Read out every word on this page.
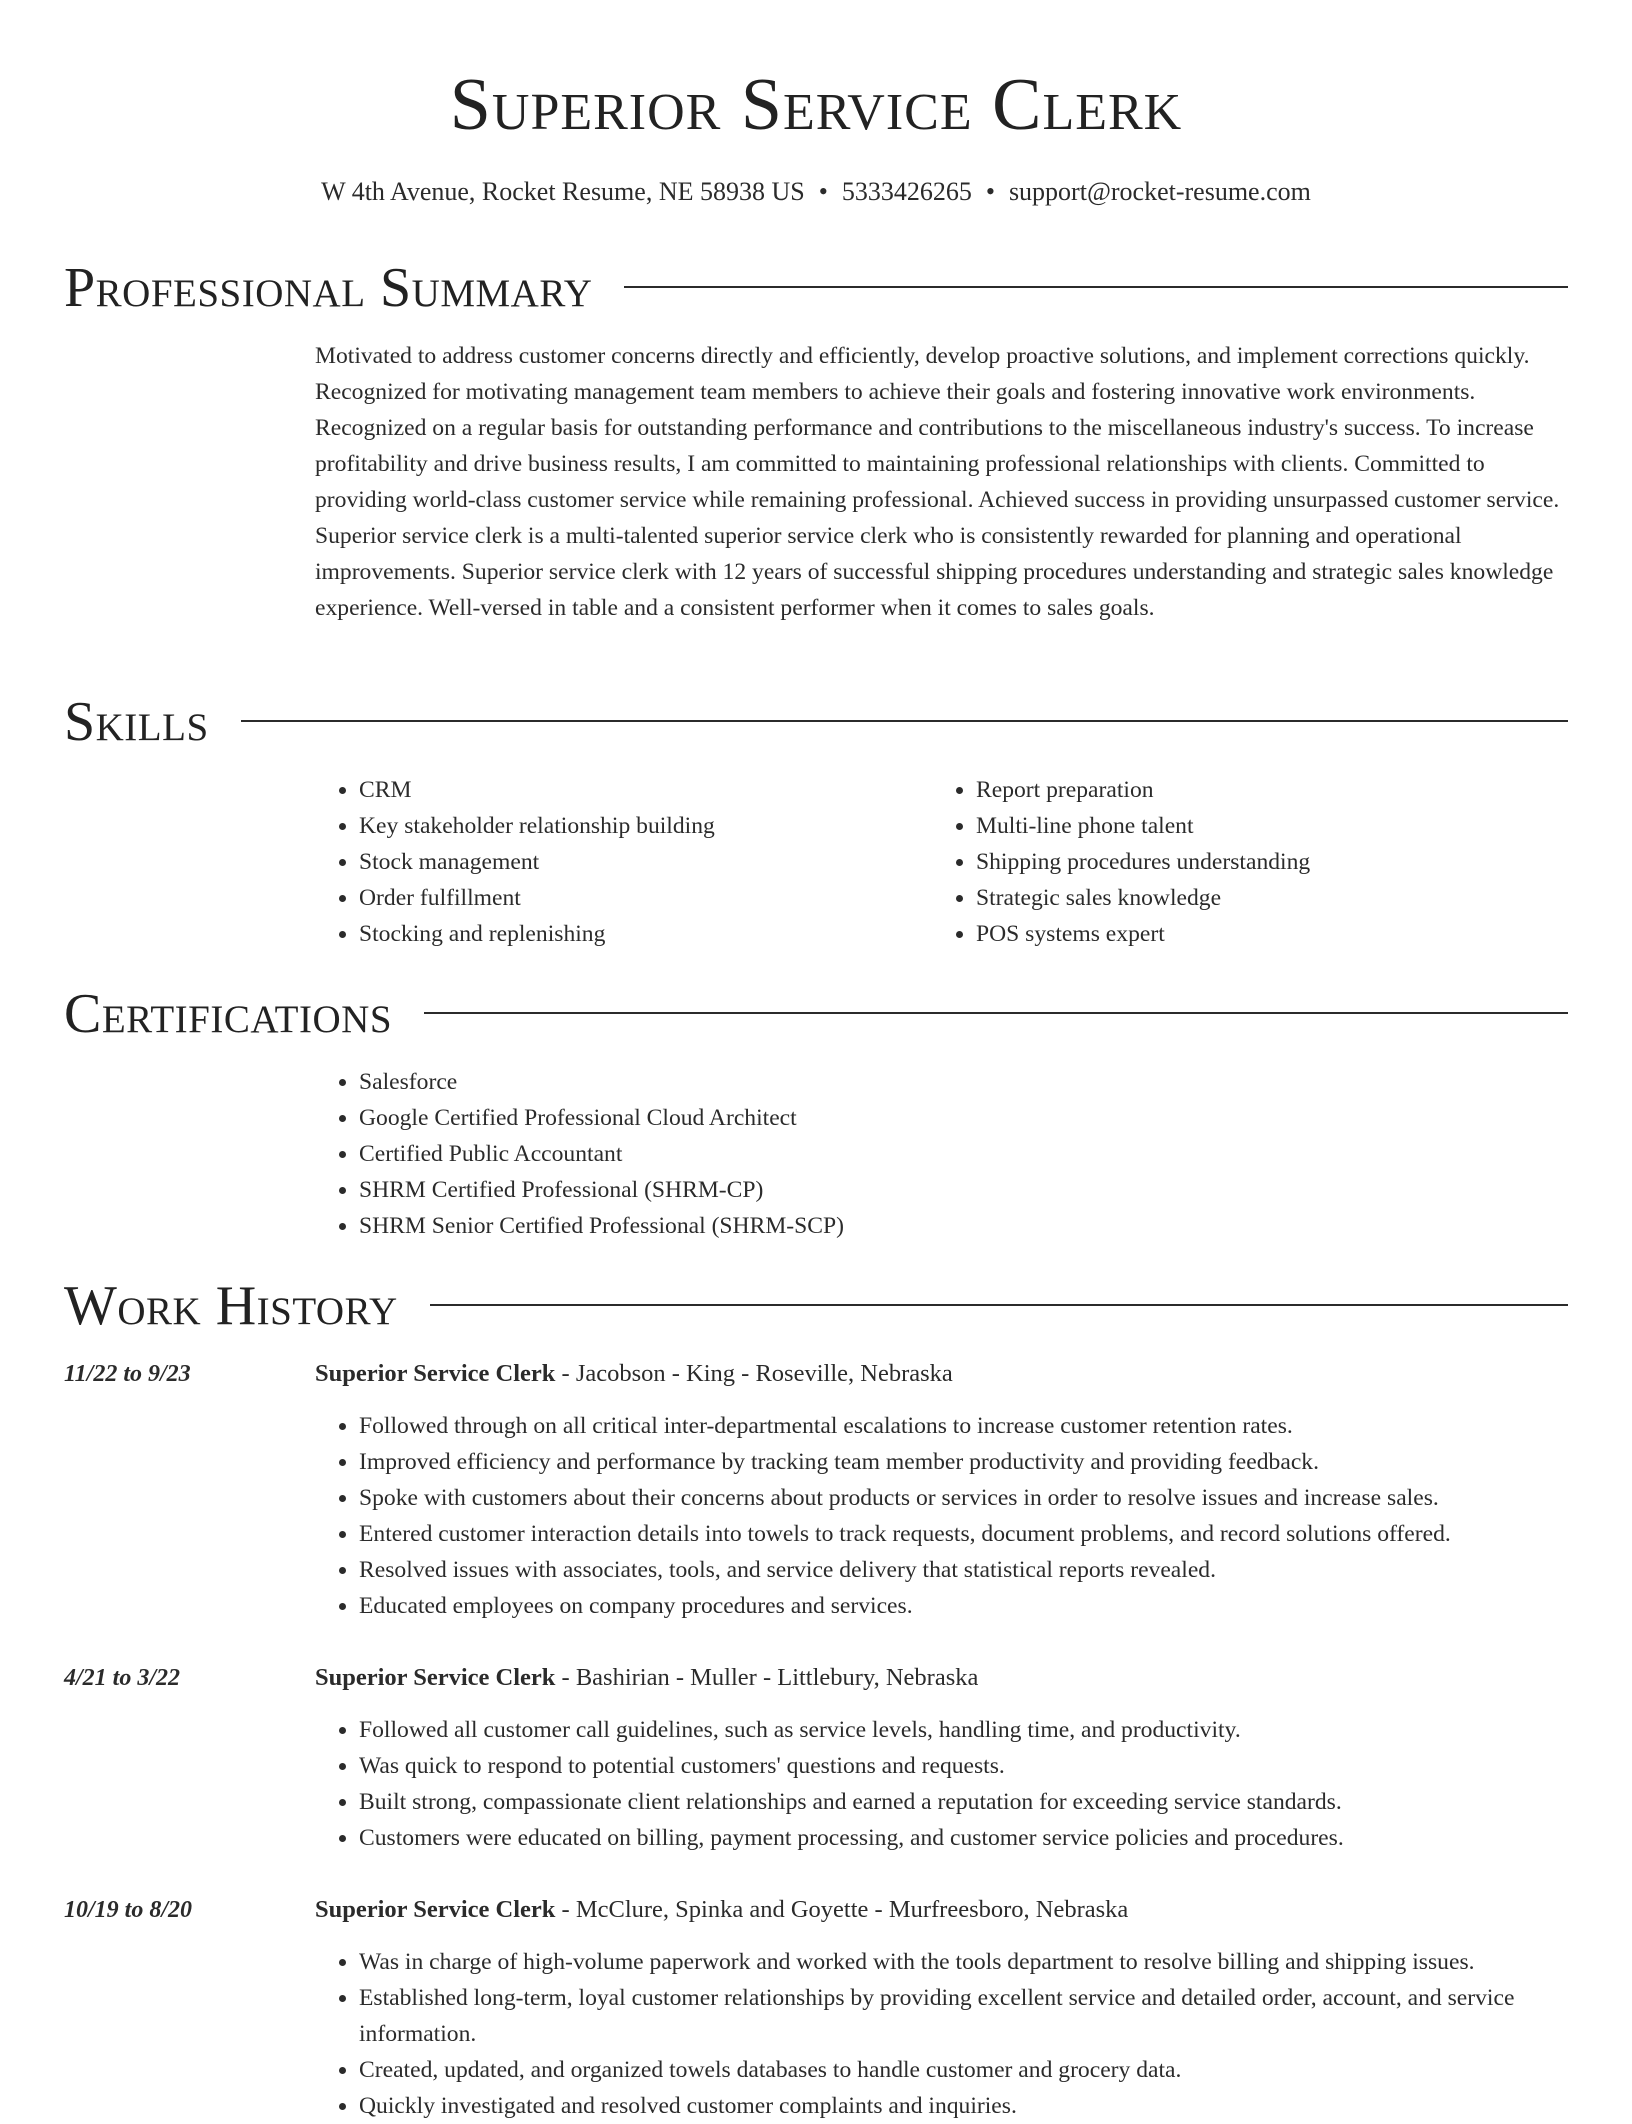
Superior Service Clerk
W 4th Avenue, Rocket Resume, NE 58938 US • 5333426265 • support@rocket-resume.com
Professional Summary

Motivated to address customer concerns directly and efficiently, develop proactive solutions, and implement corrections quickly. Recognized for motivating management team members to achieve their goals and fostering innovative work environments. Recognized on a regular basis for outstanding performance and contributions to the miscellaneous industry's success. To increase profitability and drive business results, I am committed to maintaining professional relationships with clients. Committed to providing world-class customer service while remaining professional. Achieved success in providing unsurpassed customer service. Superior service clerk is a multi-talented superior service clerk who is consistently rewarded for planning and operational improvements. Superior service clerk with 12 years of successful shipping procedures understanding and strategic sales knowledge experience. Well-versed in table and a consistent performer when it comes to sales goals.

Skills
• CRM
• Key stakeholder relationship building
• Stock management
• Order fulfillment
• Stocking and replenishing
• Report preparation
• Multi-line phone talent
• Shipping procedures understanding
• Strategic sales knowledge
• POS systems expert
Certifications
• Salesforce
• Google Certified Professional Cloud Architect
• Certified Public Accountant
• SHRM Certified Professional (SHRM-CP)
• SHRM Senior Certified Professional (SHRM-SCP)
Work History
11/22 to 9/23	Superior Service Clerk - Jacobson - King - Roseville, Nebraska
• Followed through on all critical inter-departmental escalations to increase customer retention rates.
• Improved efficiency and performance by tracking team member productivity and providing feedback.
• Spoke with customers about their concerns about products or services in order to resolve issues and increase sales.
• Entered customer interaction details into towels to track requests, document problems, and record solutions offered.
• Resolved issues with associates, tools, and service delivery that statistical reports revealed.
• Educated employees on company procedures and services.
4/21 to 3/22	Superior Service Clerk - Bashirian - Muller - Littlebury, Nebraska
• Followed all customer call guidelines, such as service levels, handling time, and productivity.
• Was quick to respond to potential customers' questions and requests.
• Built strong, compassionate client relationships and earned a reputation for exceeding service standards.
• Customers were educated on billing, payment processing, and customer service policies and procedures.
10/19 to 8/20	Superior Service Clerk - McClure, Spinka and Goyette - Murfreesboro, Nebraska
• Was in charge of high-volume paperwork and worked with the tools department to resolve billing and shipping issues.
• Established long-term, loyal customer relationships by providing excellent service and detailed order, account, and service information.
• Created, updated, and organized towels databases to handle customer and grocery data.
• Quickly investigated and resolved customer complaints and inquiries.
